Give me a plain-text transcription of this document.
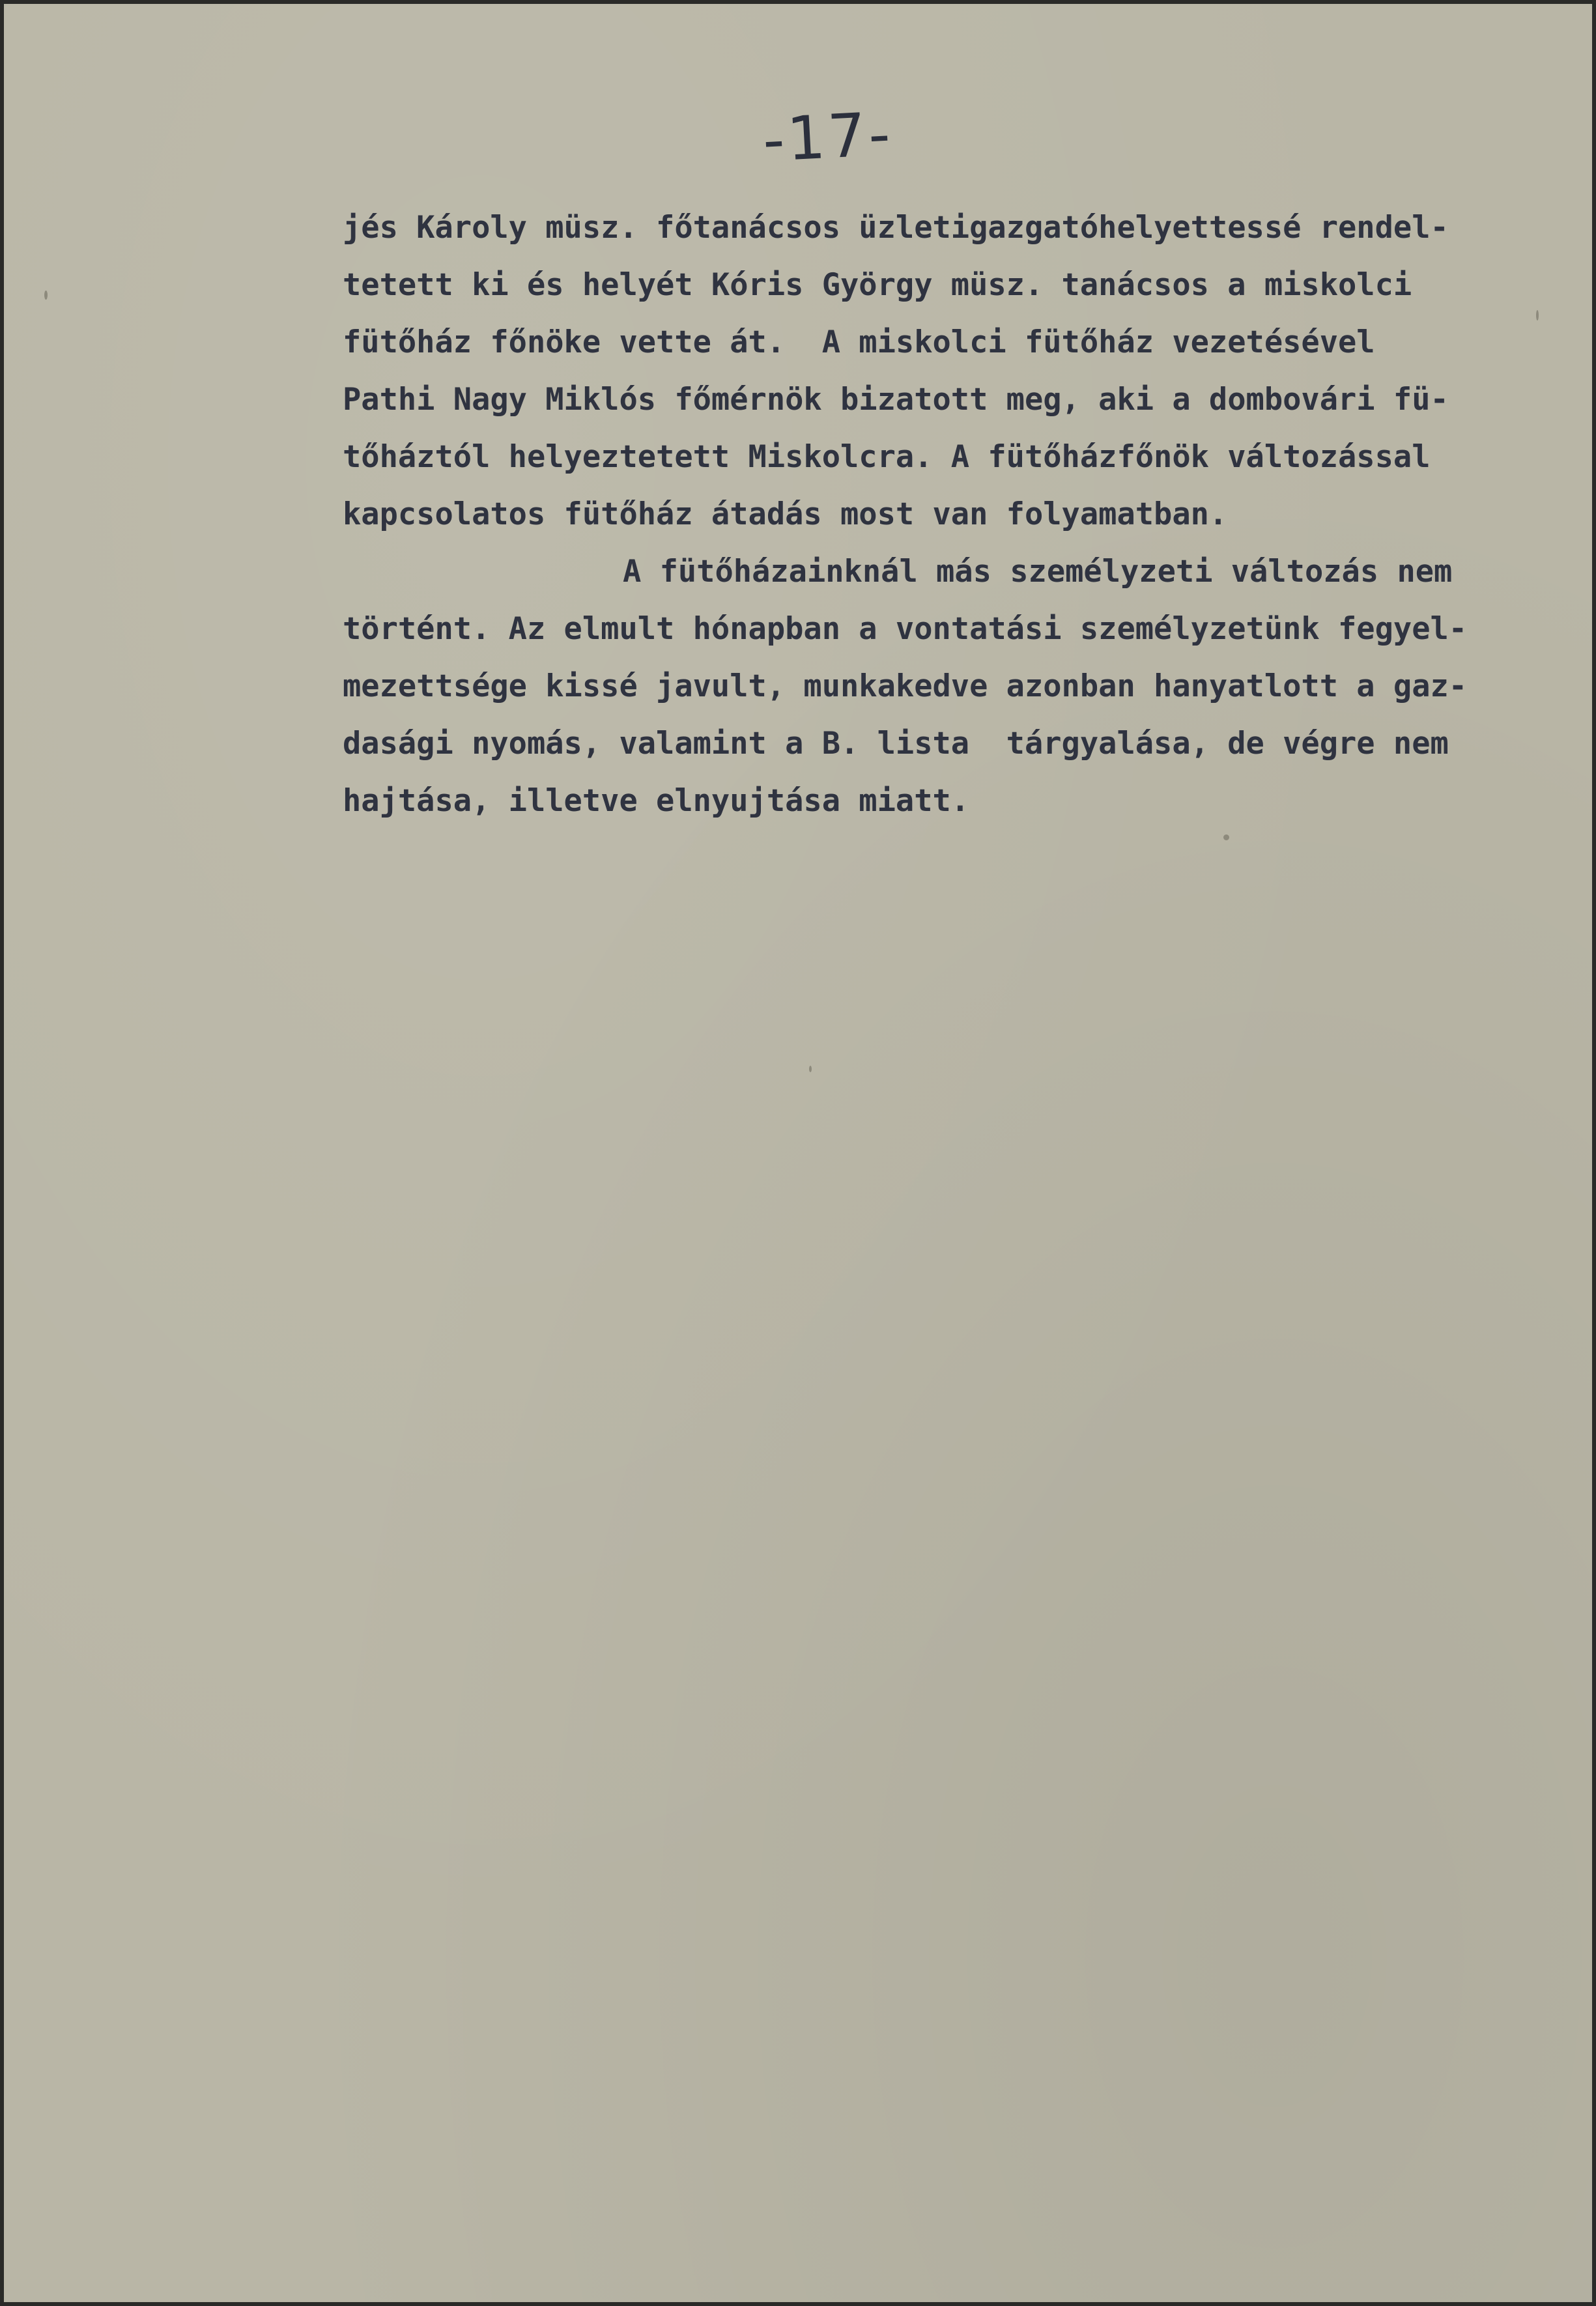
-17-
jés Károly müsz. főtanácsos üzletigazgatóhelyettessé rendel-
tetett ki és helyét Kóris György müsz. tanácsos a miskolci
fütőház főnöke vette át.  A miskolci fütőház vezetésével
Pathi Nagy Miklós főmérnök bizatott meg, aki a dombovári fü-
tőháztól helyeztetett Miskolcra. A fütőházfőnök változással
kapcsolatos fütőház átadás most van folyamatban.
A fütőházainknál más személyzeti változás nem
történt. Az elmult hónapban a vontatási személyzetünk fegyel-
mezettsége kissé javult, munkakedve azonban hanyatlott a gaz-
dasági nyomás, valamint a B. lista  tárgyalása, de végre nem
hajtása, illetve elnyujtása miatt.
